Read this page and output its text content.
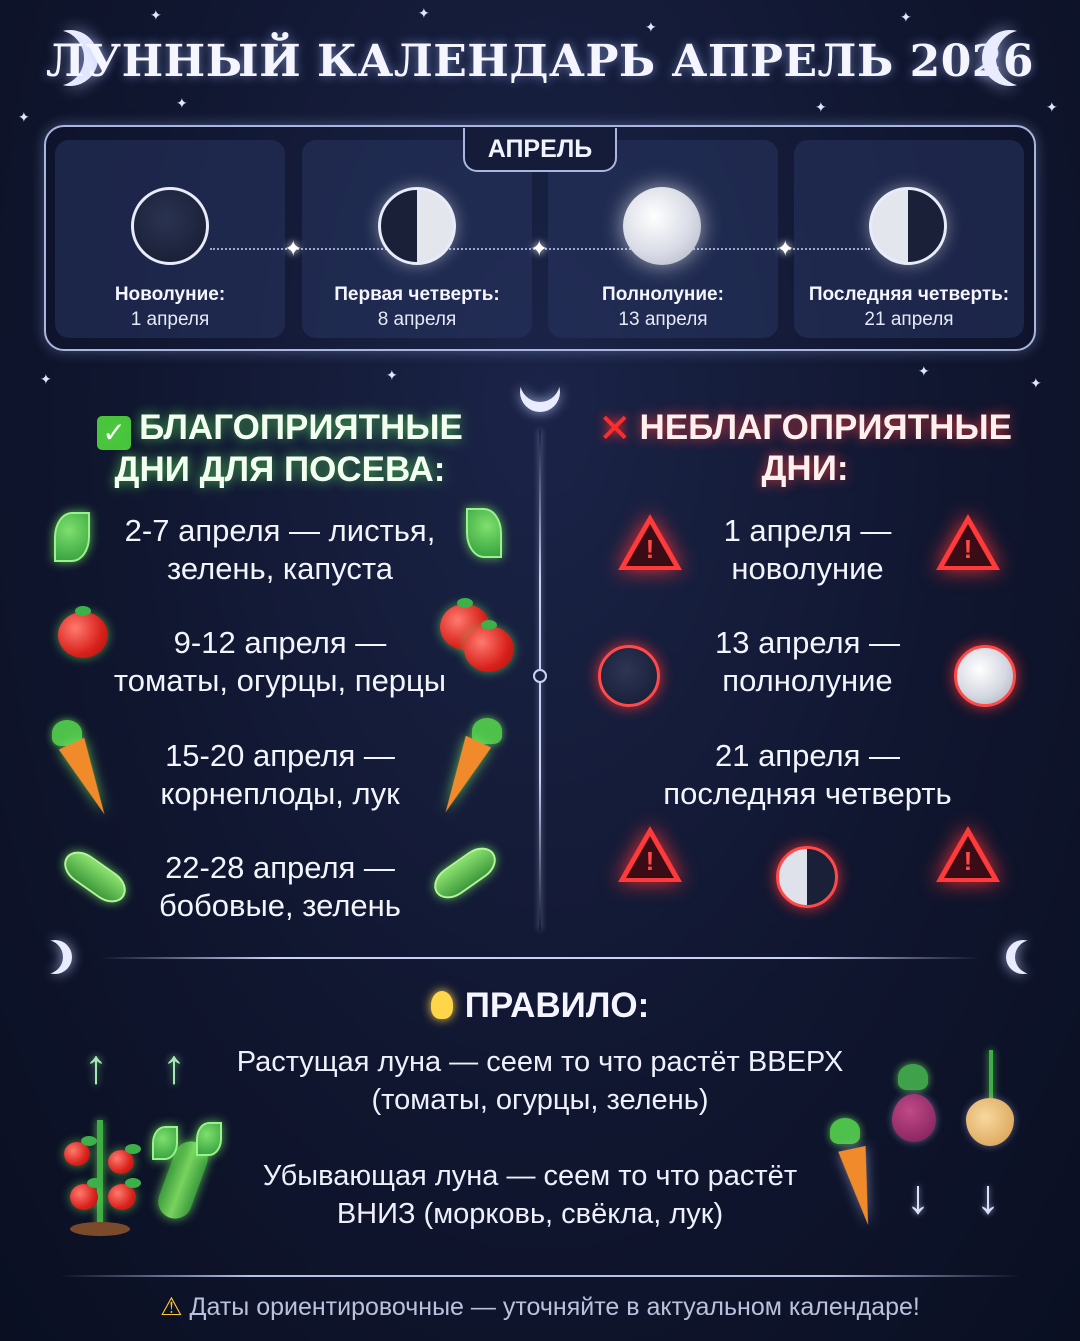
✦	✦
✦
✦
✦	✦
✦
✦
✦	✦	✦
✦
ЛУННЫЙ КАЛЕНДАРЬ АПРЕЛЬ 2026
АПРЕЛЬ
✦	✦	✦
Новолуние:
1 апреля
Первая четверть:
8 апреля
Полнолуние:
13 апреля
Последняя четверть:
21 апреля
✓ БЛАГОПРИЯТНЫЕ
ДНИ ДЛЯ ПОСЕВА:
2-7 апреля — листья,
зелень, капуста
9-12 апреля —
томаты, огурцы, перцы
15-20 апреля —
корнеплоды, лук
22-28 апреля —
бобовые, зелень
✕ НЕБЛАГОПРИЯТНЫЕ
ДНИ:
1 апреля —
новолуние
13 апреля —
полнолуние
21 апреля —
последняя четверть
!	!
!	!
ПРАВИЛО:
Растущая луна — сеем то что растёт ВВЕРХ
(томаты, огурцы, зелень)
Убывающая луна — сеем то что растёт
ВНИЗ (морковь, свёкла, лук)
↑ ↑
↓ ↓
⚠ Даты ориентировочные — уточняйте в актуальном календаре!
